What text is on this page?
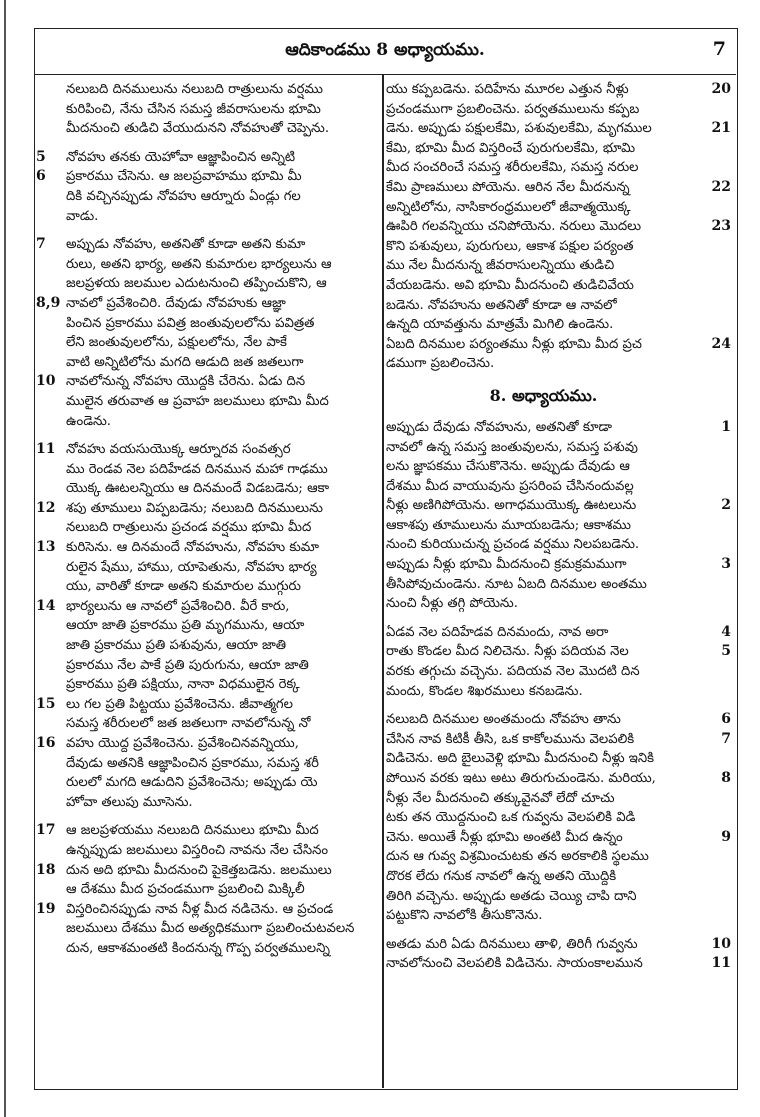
ఆదికాండము 8 అధ్యాయము.	7
నలుబది దినములును నలుబది రాత్రులును వర్షము
కురిపించి, నేను చేసిన సమస్త జీవరాసులను భూమి
మీదనుంచి తుడిచి వేయుదునని నోవహుతో చెప్పెను.
5 నోవహు తనకు యెహోవా ఆజ్ఞాపించిన అన్నిటి
6 ప్రకారము చేసెను. ఆ జలప్రవాహము భూమి మీ
దికి వచ్చినప్పుడు నోవహు ఆర్నూరు ఏండ్లు గల
వాడు.
7 అప్పుడు నోవహు, అతనితో కూడా అతని కుమా
రులు, అతని భార్య, అతని కుమారుల భార్యలును ఆ
జలప్రళయ జలముల ఎదుటనుంచి తప్పించుకొని, ఆ
8,9 నావలో ప్రవేశించిరి. దేవుడు నోవహుకు ఆజ్ఞా
పించిన ప్రకారము పవిత్ర జంతువులలోను పవిత్రత
లేని జంతువులలోను, పక్షులలోను, నేల పాకే
వాటి అన్నిటిలోను మగది ఆడుది జత జతలుగా
10 నావలోనున్న నోవహు యొద్దకి చేరెను. ఏడు దిన
ములైన తరువాత ఆ ప్రవాహ జలములు భూమి మీద
ఉండెను.
11 నోవహు వయసుయొక్క ఆర్నూరవ సంవత్సర
ము రెండవ నెల పదిహేడవ దినమున మహా గాఢము
యొక్క ఊటలన్నియు ఆ దినమందే విడబడెను; ఆకా
12 శపు తూములు విప్పబడెను; నలుబది దినములును
నలుబది రాత్రులును ప్రచండ వర్షము భూమి మీద
13 కురిసెను. ఆ దినమందే నోవహును, నోవహు కుమా
రులైన షేము, హాము, యాపెతును, నోవహు భార్య
యు, వారితో కూడా అతని కుమారుల ముగ్గురు
14 భార్యలును ఆ నావలో ప్రవేశించిరి. వీరే కారు,
ఆయా జాతి ప్రకారము ప్రతి మృగమును, ఆయా
జాతి ప్రకారము ప్రతి పశువును, ఆయా జాతి
ప్రకారము నేల పాకే ప్రతి పురుగును, ఆయా జాతి
ప్రకారము ప్రతి పక్షియు, నానా విధములైన రెక్క
15 లు గల ప్రతి పిట్టయు ప్రవేశించెను. జీవాత్మగల
సమస్త శరీరులలో జత జతలుగా నావలోనున్న నో
16 వహు యొద్ద ప్రవేశించెను. ప్రవేశించినవన్నియు,
దేవుడు అతనికి ఆజ్ఞాపించిన ప్రకారము, సమస్త శరీ
రులలో మగది ఆడుదిని ప్రవేశించెను; అప్పుడు యె
హోవా తలుపు మూసెను.
17 ఆ జలప్రళయము నలుబది దినములు భూమి మీద
ఉన్నప్పుడు జలములు విస్తరించి నావను నేల చేసినం
18 దున అది భూమి మీదనుంచి పైకెత్తబడెను. జలములు
ఆ దేశము మీద ప్రచండముగా ప్రబలించి మిక్కిలీ
19 విస్తరించినప్పుడు నావ నీళ్ల మీద నడిచెను. ఆ ప్రచండ
జలములు దేశము మీద అత్యధికముగా ప్రబలించుటవలన
దున, ఆకాశమంతటి కిందనున్న గొప్ప పర్వతములన్ని
20
యు కప్పబడెను. పదిహేను మూరల ఎత్తున నీళ్లు
ప్రచండముగా ప్రబలించెను. పర్వతములును కప్పబ
21
డెను. అప్పుడు పక్షులకేమి, పశువులకేమి, మృగముల
కేమి, భూమి మీద విస్తరించే పురుగులకేమి, భూమి
మీద సంచరించే సమస్త శరీరులకేమి, సమస్త నరుల
22
కేమి ప్రాణములు పోయెను. ఆరిన నేల మీదనున్న
అన్నిటిలోను, నాసికారంధ్రములలో జీవాత్మయొక్క
23
ఊపిరి గలవన్నియు చనిపోయెను. నరులు మొదలు
కొని పశువులు, పురుగులు, ఆకాశ పక్షుల పర్యంత
ము నేల మీదనున్న జీవరాసులన్నియు తుడిచి
వేయబడెను. అవి భూమి మీదనుంచి తుడిచివేయ
బడెను. నోవహును అతనితో కూడా ఆ నావలో
ఉన్నది యావత్తును మాత్రమే మిగిలి ఉండెను.
24
ఏబది దినముల పర్యంతము నీళ్లు భూమి మీద ప్రచ
డముగా ప్రబలించెను.
8. అధ్యాయము.
1
అప్పుడు దేవుడు నోవహును, అతనితో కూడా
నావలో ఉన్న సమస్త జంతువులను, సమస్త పశువు
లను జ్ఞాపకము చేసుకొనెను. అప్పుడు దేవుడు ఆ
దేశము మీద వాయువును ప్రసరింప చేసినందువల్ల
2
నీళ్లు అణిగిపోయెను. అగాధముయొక్క ఊటలును
ఆకాశపు తూములును మూయబడెను; ఆకాశము
నుంచి కురియుచున్న ప్రచండ వర్షము నిలపబడెను.
3
అప్పుడు నీళ్లు భూమి మీదనుంచి క్రమక్రమముగా
తీసిపోవుచుండెను. నూట ఏబది దినముల అంతము
నుంచి నీళ్లు తగ్గి పోయెను.
4
ఏడవ నెల పదిహేడవ దినమందు, నావ అరా
5
రాతు కొండల మీద నిలిచెను. నీళ్లు పదియవ నెల
వరకు తగ్గుచు వచ్చెను. పదియవ నెల మొదటి దిన
మందు, కొండల శిఖరములు కనబడెను.
6
నలుబది దినముల అంతమందు నోవహు తాను
7
చేసిన నావ కిటికీ తీసి, ఒక కాకోలమును వెలపలికి
విడిచెను. అది బైలువెళ్లి భూమి మీదనుంచి నీళ్లు ఇనికి
8
పోయిన వరకు ఇటు అటు తిరుగుచుండెను. మరియు,
నీళ్లు నేల మీదనుంచి తక్కువైనవో లేదో చూచు
టకు తన యొద్దనుంచి ఒక గువ్వను వెలపలికి విడి
9
చెను. అయితే నీళ్లు భూమి అంతటి మీద ఉన్నం
దున ఆ గువ్వ విశ్రమించుటకు తన అరకాలికి స్థలము
దొరక లేదు గనుక నావలో ఉన్న అతని యొద్దికి
తిరిగి వచ్చెను. అప్పుడు అతడు చెయ్యి చాపి దాని
పట్టుకొని నావలోకి తీసుకొనెను.
10
అతడు మరి ఏడు దినములు తాళి, తిరిగీ గువ్వను
11
నావలోనుంచి వెలపలికి విడిచెను. సాయంకాలమున
